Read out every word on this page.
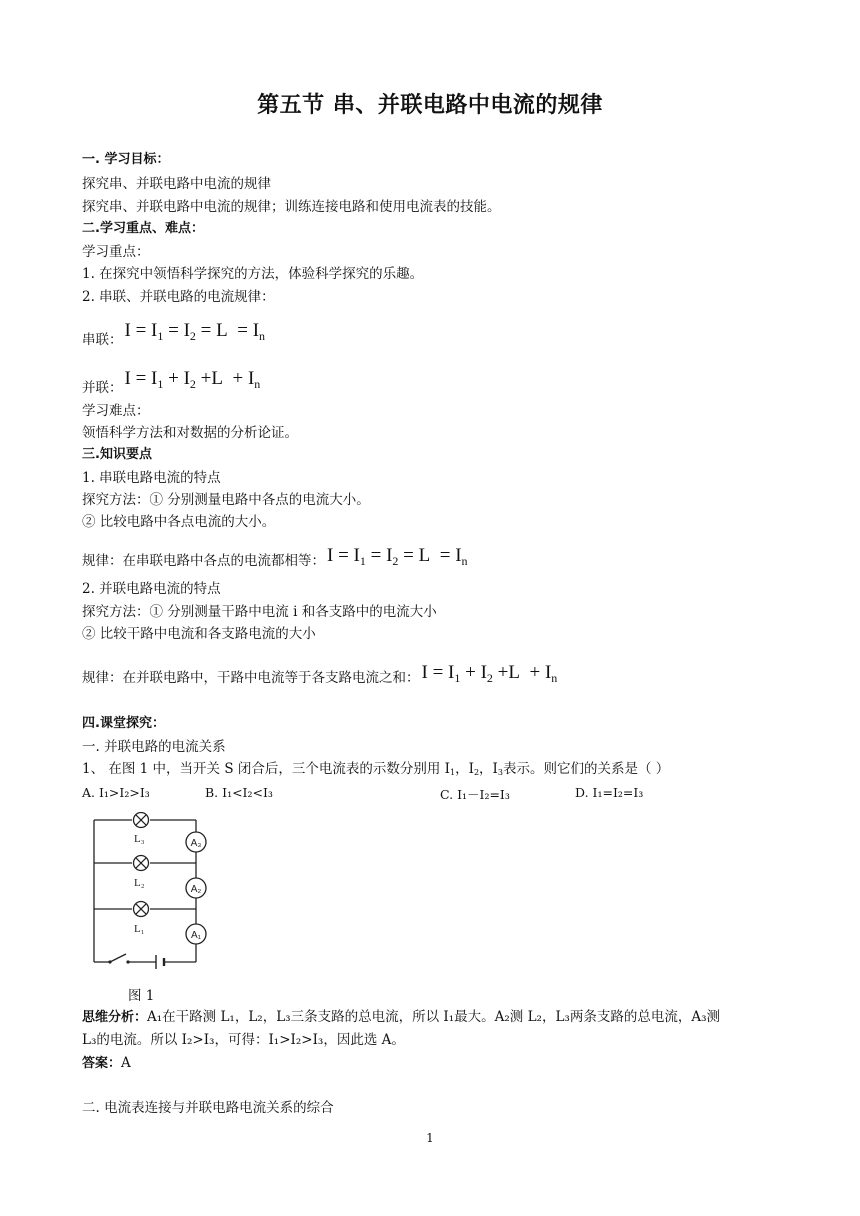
第五节 串、并联电路中电流的规律
一. 学习目标：
探究串、并联电路中电流的规律
探究串、并联电路中电流的规律；训练连接电路和使用电流表的技能。
二.学习重点、难点：
学习重点：
1. 在探究中领悟科学探究的方法，体验科学探究的乐趣。
2. 串联、并联电路的电流规律：
串联： $I = I_1 = I_2 = L = I_n$
并联： $I = I_1 + I_2 +L + I_n$
学习难点：
领悟科学方法和对数据的分析论证。
三.知识要点
1. 串联电路电流的特点
探究方法：① 分别测量电路中各点的电流大小。
② 比较电路中各点电流的大小。
规律：在串联电路中各点的电流都相等： $I = I_1 = I_2 = L = I_n$
2. 并联电路电流的特点
探究方法：① 分别测量干路中电流 i 和各支路中的电流大小
② 比较干路中电流和各支路电流的大小
规律：在并联电路中，干路中电流等于各支路电流之和： $I = I_1 + I_2 +L + I_n$
四.课堂探究：
一. 并联电路的电流关系
1、 在图 1 中，当开关 S 闭合后，三个电流表的示数分别用 $I_1$，$I_2$，$I_3$表示。则它们的关系是（ ）
A. I₁>I₂>I₃	B. I₁<I₂<I₃	C. I₁－I₂=I₃	D. I₁=I₂=I₃
L₃
L₂
L₁
A₃
A₂
A₁
图 1
思维分析：A₁在干路测 L₁，L₂，L₃三条支路的总电流，所以 I₁最大。A₂测 L₂，L₃两条支路的总电流，A₃测
L₃的电流。所以 I₂>I₃，可得：I₁>I₂>I₃，因此选 A。
答案：A
二. 电流表连接与并联电路电流关系的综合
1
